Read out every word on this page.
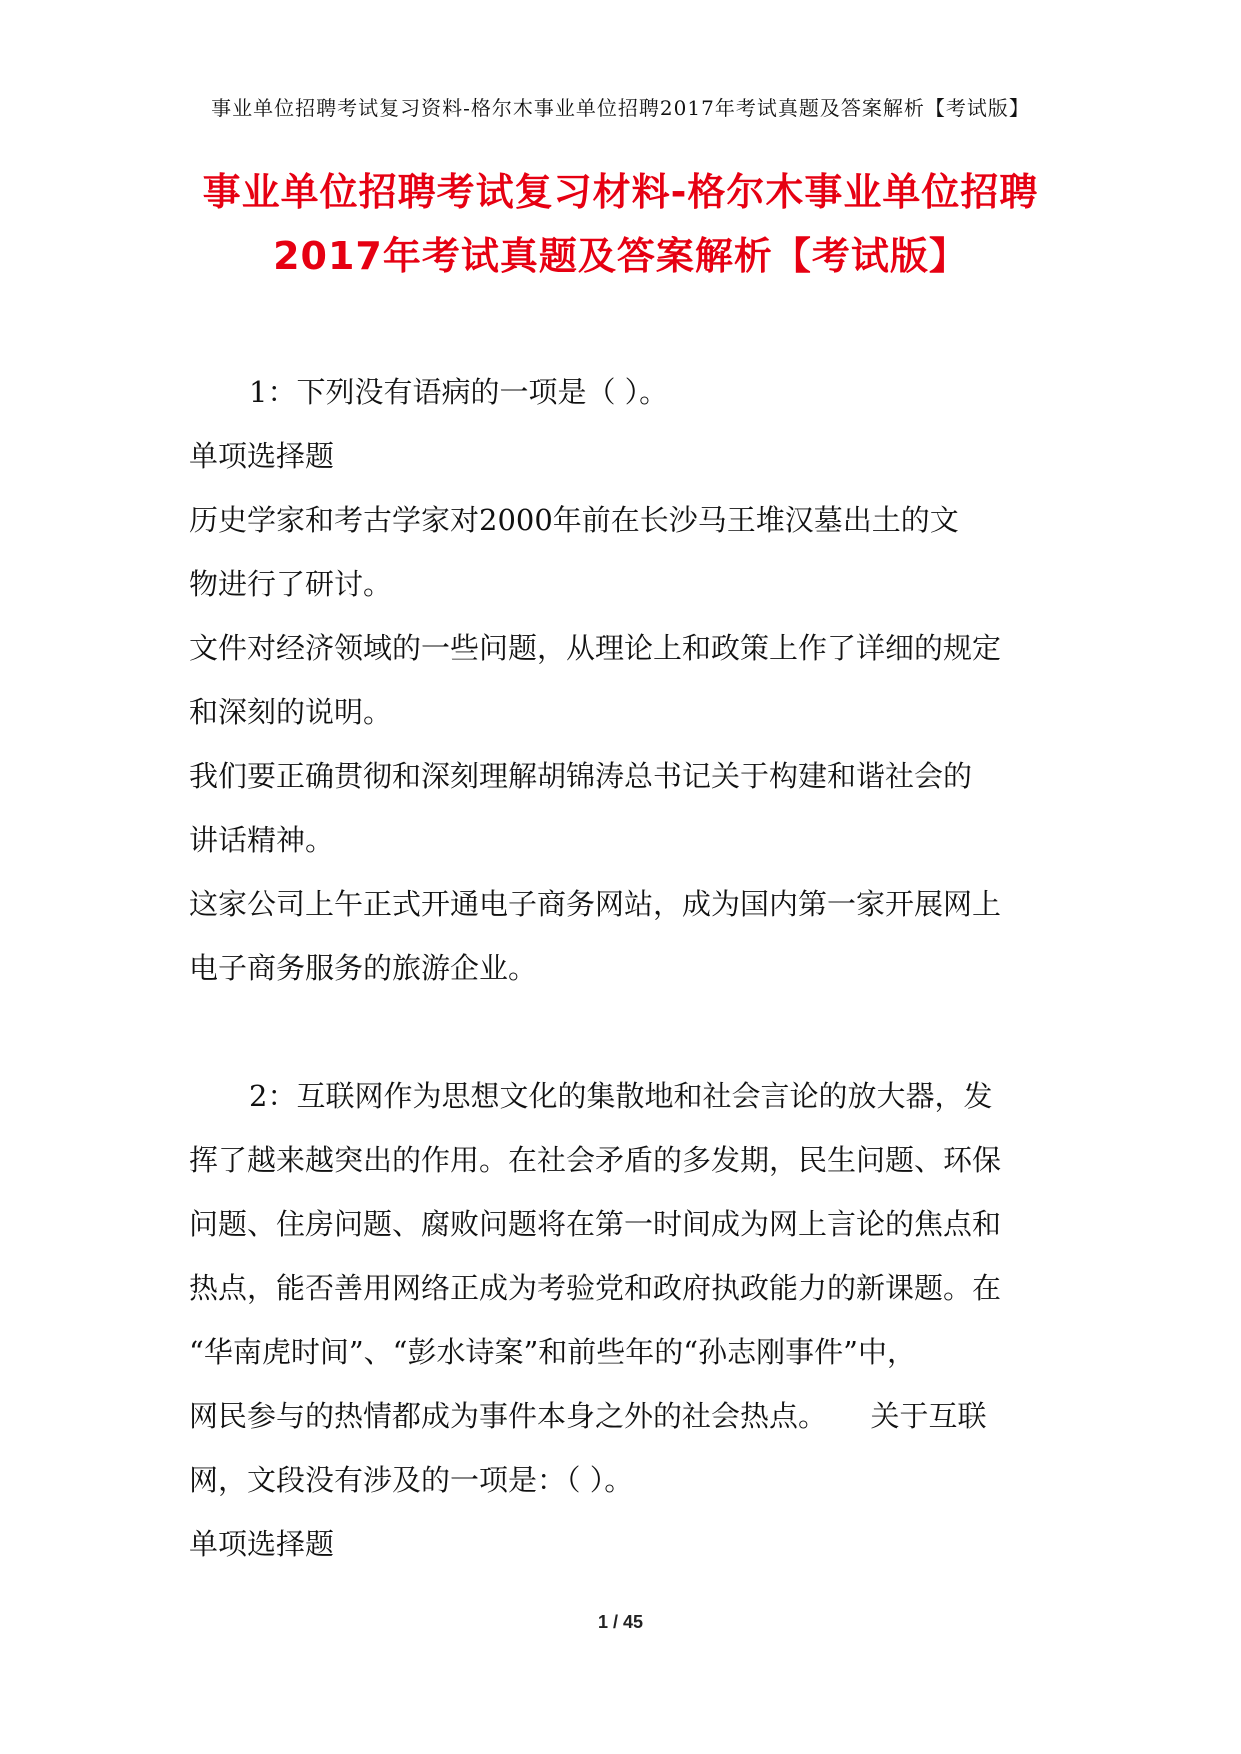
事业单位招聘考试复习资料-格尔木事业单位招聘2017年考试真题及答案解析【考试版】
事业单位招聘考试复习材料-格尔木事业单位招聘
2017年考试真题及答案解析【考试版】
1：下列没有语病的一项是（ ）。
单项选择题
历史学家和考古学家对2000年前在长沙马王堆汉墓出土的文
物进行了研讨。
文件对经济领域的一些问题，从理论上和政策上作了详细的规定
和深刻的说明。
我们要正确贯彻和深刻理解胡锦涛总书记关于构建和谐社会的
讲话精神。
这家公司上午正式开通电子商务网站，成为国内第一家开展网上
电子商务服务的旅游企业。
2：互联网作为思想文化的集散地和社会言论的放大器，发
挥了越来越突出的作用。在社会矛盾的多发期，民生问题、环保
问题、住房问题、腐败问题将在第一时间成为网上言论的焦点和
热点，能否善用网络正成为考验党和政府执政能力的新课题。在
“华南虎时间”、“彭水诗案”和前些年的“孙志刚事件”中，
网民参与的热情都成为事件本身之外的社会热点。　　关于互联
网，文段没有涉及的一项是：（ ）。
单项选择题
1 / 45
